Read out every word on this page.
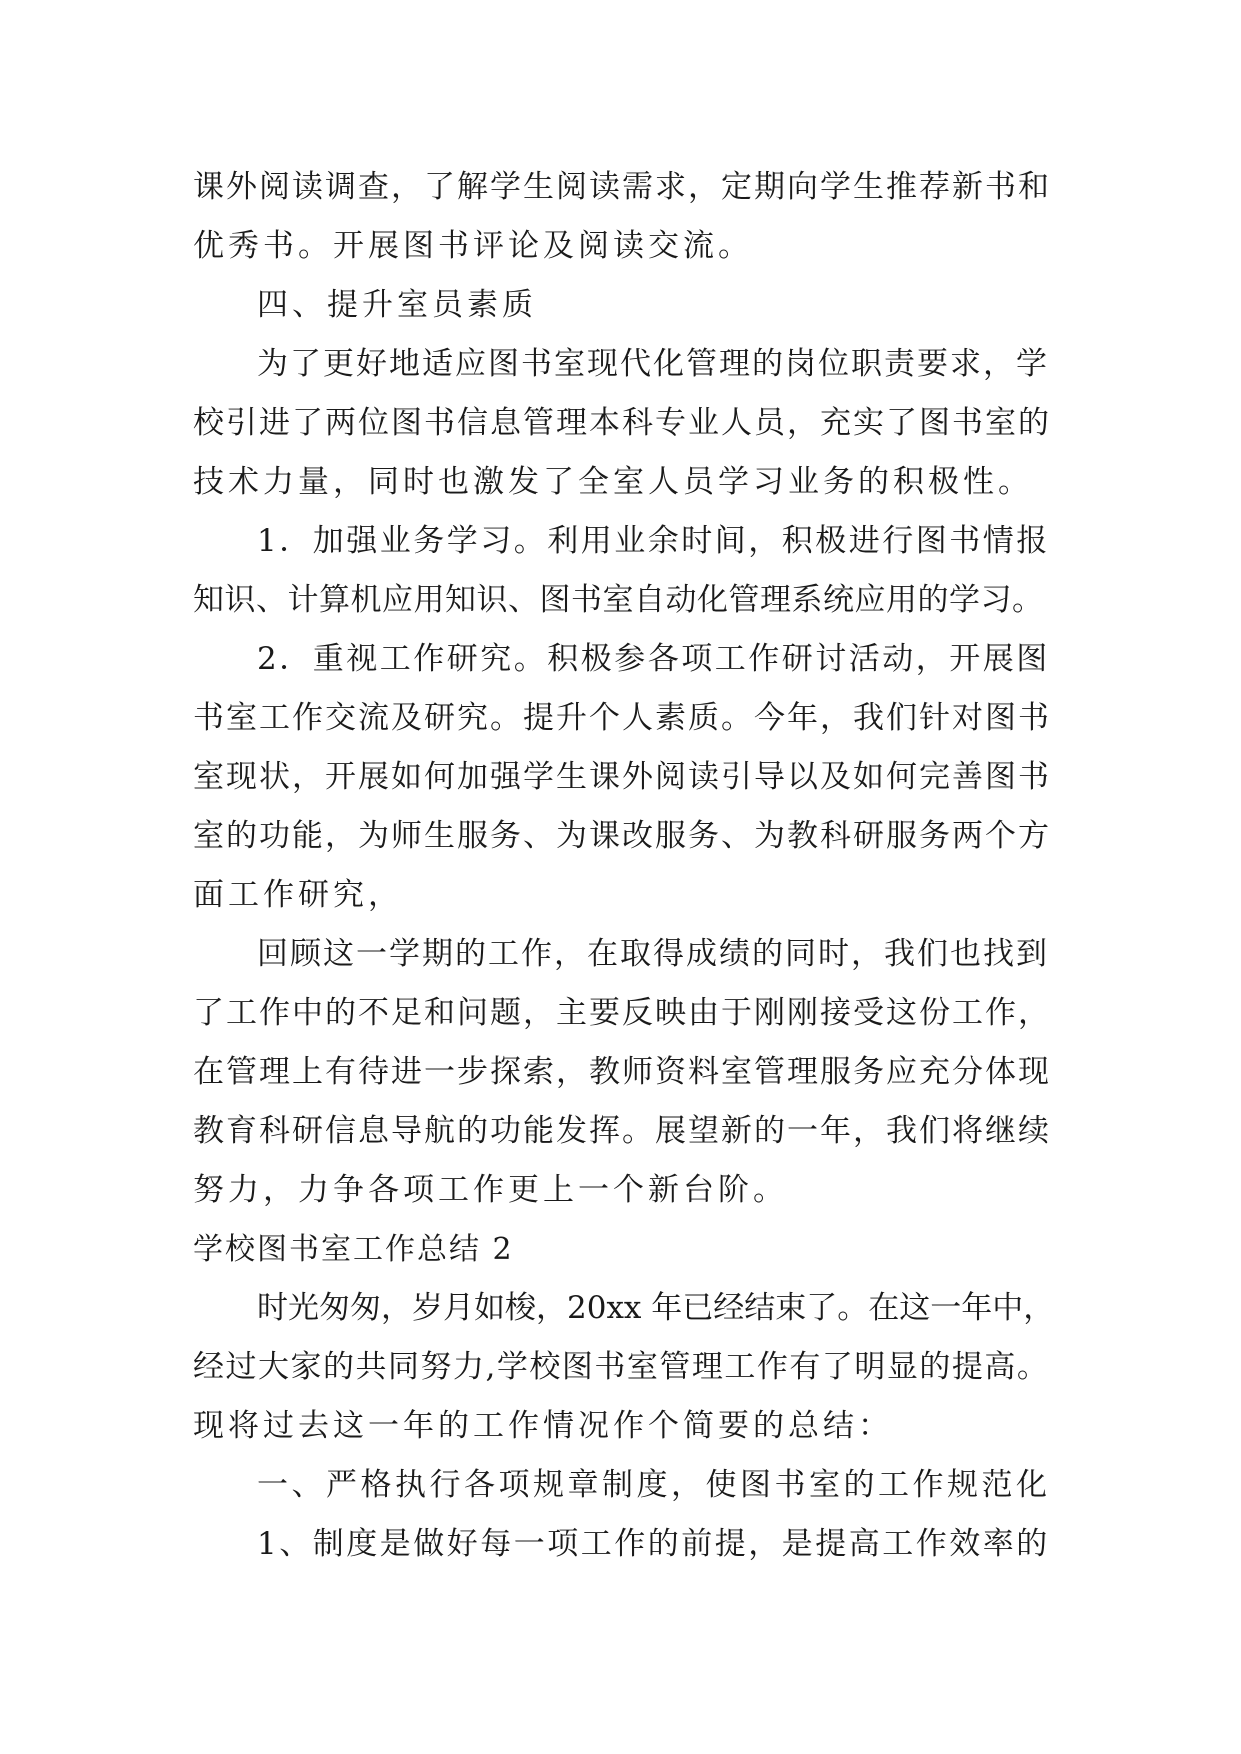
课外阅读调查，了解学生阅读需求，定期向学生推荐新书和
优秀书。开展图书评论及阅读交流。
四、提升室员素质
为了更好地适应图书室现代化管理的岗位职责要求，学
校引进了两位图书信息管理本科专业人员，充实了图书室的
技术力量，同时也激发了全室人员学习业务的积极性。
1．加强业务学习。利用业余时间，积极进行图书情报
知识、计算机应用知识、图书室自动化管理系统应用的学习。
2．重视工作研究。积极参各项工作研讨活动，开展图
书室工作交流及研究。提升个人素质。今年，我们针对图书
室现状，开展如何加强学生课外阅读引导以及如何完善图书
室的功能，为师生服务、为课改服务、为教科研服务两个方
面工作研究，
回顾这一学期的工作，在取得成绩的同时，我们也找到
了工作中的不足和问题，主要反映由于刚刚接受这份工作，
在管理上有待进一步探索，教师资料室管理服务应充分体现
教育科研信息导航的功能发挥。展望新的一年，我们将继续
努力，力争各项工作更上一个新台阶。
学校图书室工作总结 2
时光匆匆，岁月如梭，20xx 年已经结束了。在这一年中，
经过大家的共同努力,学校图书室管理工作有了明显的提高。
现将过去这一年的工作情况作个简要的总结：
一、严格执行各项规章制度，使图书室的工作规范化
1、制度是做好每一项工作的前提，是提高工作效率的
